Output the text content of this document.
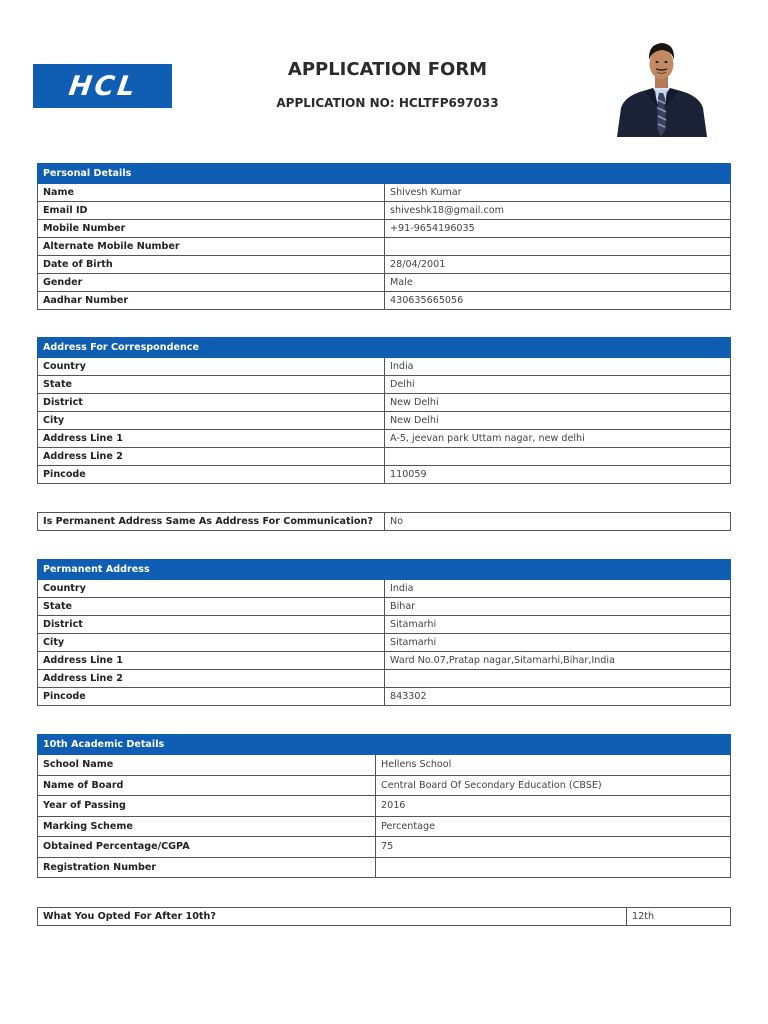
HCL
APPLICATION FORM
APPLICATION NO: HCLTFP697033
Personal Details	
Name	Shivesh Kumar
Email ID	shiveshk18@gmail.com
Mobile Number	+91-9654196035
Alternate Mobile Number	
Date of Birth	28/04/2001
Gender	Male
Aadhar Number	430635665056
Address For Correspondence	
Country	India
State	Delhi
District	New Delhi
City	New Delhi
Address Line 1	A-5, jeevan park Uttam nagar, new delhi
Address Line 2	
Pincode	110059
Is Permanent Address Same As Address For Communication?	No
Permanent Address	
Country	India
State	Bihar
District	Sitamarhi
City	Sitamarhi
Address Line 1	Ward No.07,Pratap nagar,Sitamarhi,Bihar,India
Address Line 2	
Pincode	843302
10th Academic Details	
School Name	Hellens School
Name of Board	Central Board Of Secondary Education (CBSE)
Year of Passing	2016
Marking Scheme	Percentage
Obtained Percentage/CGPA	75
Registration Number	
What You Opted For After 10th?	12th
